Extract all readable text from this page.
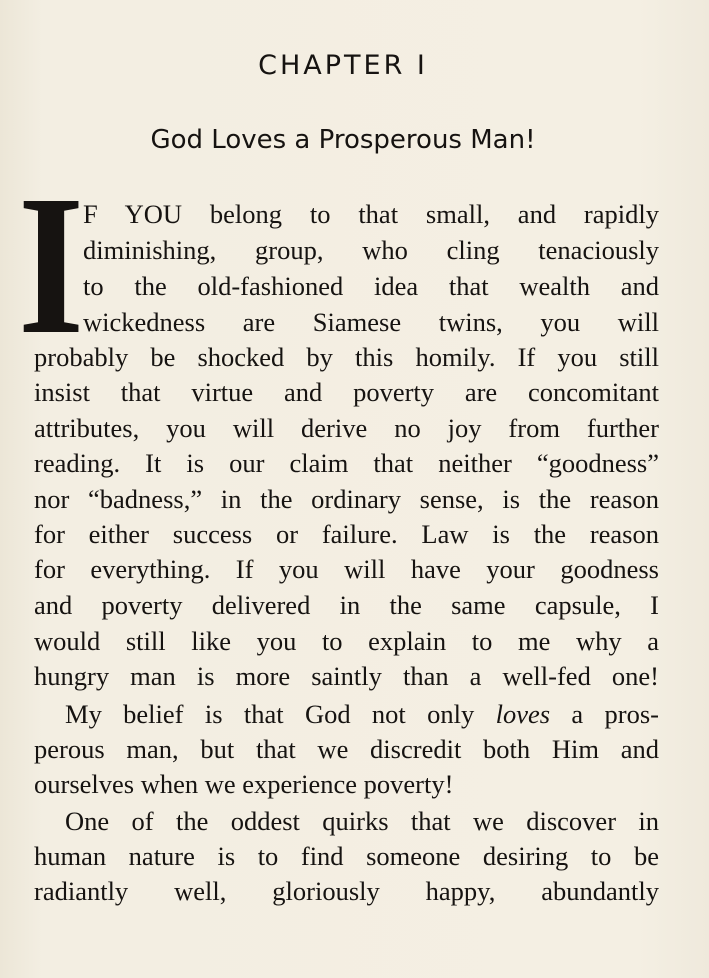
CHAPTER I
God Loves a Prosperous Man!
I
F YOU belong to that small, and rapidly
diminishing, group, who cling tenaciously
to the old-fashioned idea that wealth and
wickedness are Siamese twins, you will
probably be shocked by this homily. If you still
insist that virtue and poverty are concomitant
attributes, you will derive no joy from further
reading. It is our claim that neither “goodness”
nor “badness,” in the ordinary sense, is the reason
for either success or failure. Law is the reason
for everything. If you will have your goodness
and poverty delivered in the same capsule, I
would still like you to explain to me why a
hungry man is more saintly than a well-fed one!
My belief is that God not only loves a pros-
perous man, but that we discredit both Him and
ourselves when we experience poverty!
One of the oddest quirks that we discover in
human nature is to find someone desiring to be
radiantly well, gloriously happy, abundantly
